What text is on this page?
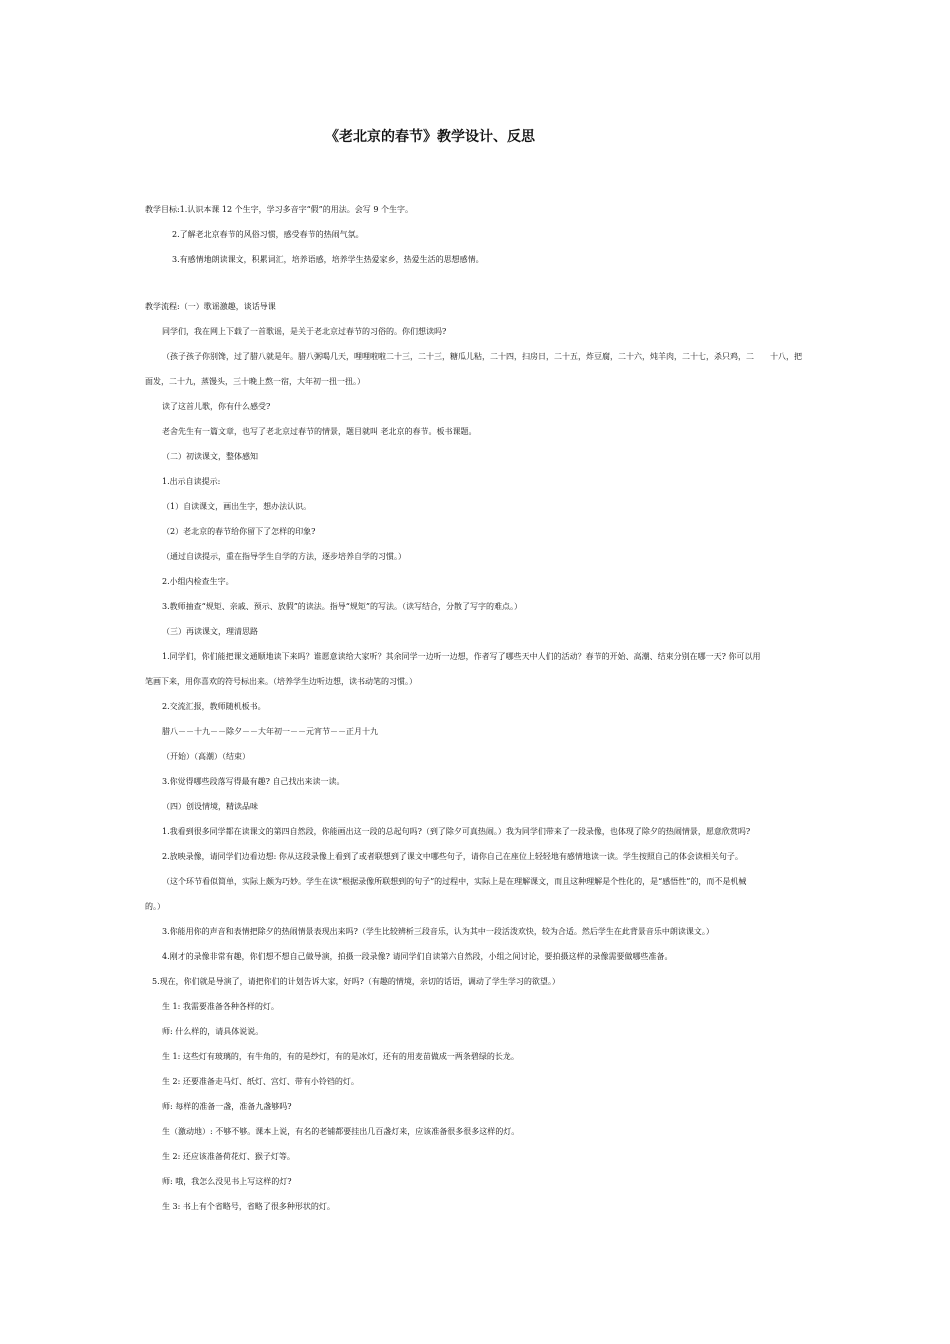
《老北京的春节》教学设计、反思
教学目标:1.认识本课 12 个生字，学习多音字“假”的用法。会写 9 个生字。
2.了解老北京春节的风俗习惯，感受春节的热闹气氛。
3.有感情地朗读课文，积累词汇，培养语感，培养学生热爱家乡，热爱生活的思想感情。
教学流程:（一）歌谣激趣，谈话导课
同学们，我在网上下载了一首歌谣，是关于老北京过春节的习俗的。你们想读吗?
（孩子孩子你别馋，过了腊八就是年。腊八粥喝几天，哩哩啦啦二十三，二十三，糖瓜儿粘，二十四，扫房日，二十五，炸豆腐，二十六，炖羊肉，二十七，杀只鸡，二　　十八，把
面发，二十九，蒸馒头，三十晚上熬一宿，大年初一扭一扭。）
读了这首儿歌，你有什么感受?
老舍先生有一篇文章，也写了老北京过春节的情景，题目就叫 老北京的春节。板书课题。
（二）初读课文，整体感知
1.出示自读提示:
（1）自读课文，画出生字，想办法认识。
（2）老北京的春节给你留下了怎样的印象?
（通过自读提示，重在指导学生自学的方法，逐步培养自学的习惯。）
2.小组内检查生字。
3.教师抽查“规矩、亲戚、预示、放假”的读法。指导“规矩”的写法。（读写结合，分散了写字的难点。）
（三）再读课文，理清思路
1.同学们，你们能把课文通顺地读下来吗？谁愿意读给大家听？其余同学一边听一边想，作者写了哪些天中人们的活动？春节的开始、高潮、结束分别在哪一天? 你可以用
笔画下来，用你喜欢的符号标出来。（培养学生边听边想，读书动笔的习惯。）
2.交流汇报，教师随机板书。
腊八－－十九－－除夕－－大年初一－－元宵节－－正月十九
（开始）（高潮）（结束）
3.你觉得哪些段落写得最有趣? 自己找出来读一读。
（四）创设情境，精读品味
1.我看到很多同学都在读课文的第四自然段，你能画出这一段的总起句吗?（到了除夕可真热闹。）我为同学们带来了一段录像，也体现了除夕的热闹情景，愿意欣赏吗?
2.放映录像，请同学们边看边想: 你从这段录像上看到了或者联想到了课文中哪些句子，请你自己在座位上轻轻地有感情地读一读。学生按照自己的体会读相关句子。
（这个环节看似简单，实际上颇为巧妙。学生在读“根据录像所联想到的句子”的过程中，实际上是在理解课文，而且这种理解是个性化的，是“感悟性”的，而不是机械
的。）
3.你能用你的声音和表情把除夕的热闹情景表现出来吗?（学生比较辨析三段音乐，认为其中一段活泼欢快，较为合适。然后学生在此背景音乐中朗读课文。）
4.刚才的录像非常有趣，你们想不想自己做导演，拍摄一段录像? 请同学们自读第六自然段，小组之间讨论，要拍摄这样的录像需要做哪些准备。
5.现在，你们就是导演了，请把你们的计划告诉大家，好吗?（有趣的情境，亲切的话语，调动了学生学习的欲望。）
生 1: 我需要准备各种各样的灯。
师: 什么样的，请具体说说。
生 1: 这些灯有玻璃的，有牛角的，有的是纱灯，有的是冰灯，还有的用麦苗做成一两条碧绿的长龙。
生 2: 还要准备走马灯、纸灯、宫灯、带有小铃铛的灯。
师: 每样的准备一盏，准备九盏够吗?
生（激动地）: 不够不够。课本上说，有名的老铺都要挂出几百盏灯来，应该准备很多很多这样的灯。
生 2: 还应该准备荷花灯、猴子灯等。
师: 哦，我怎么没见书上写这样的灯?
生 3: 书上有个省略号，省略了很多种形状的灯。
